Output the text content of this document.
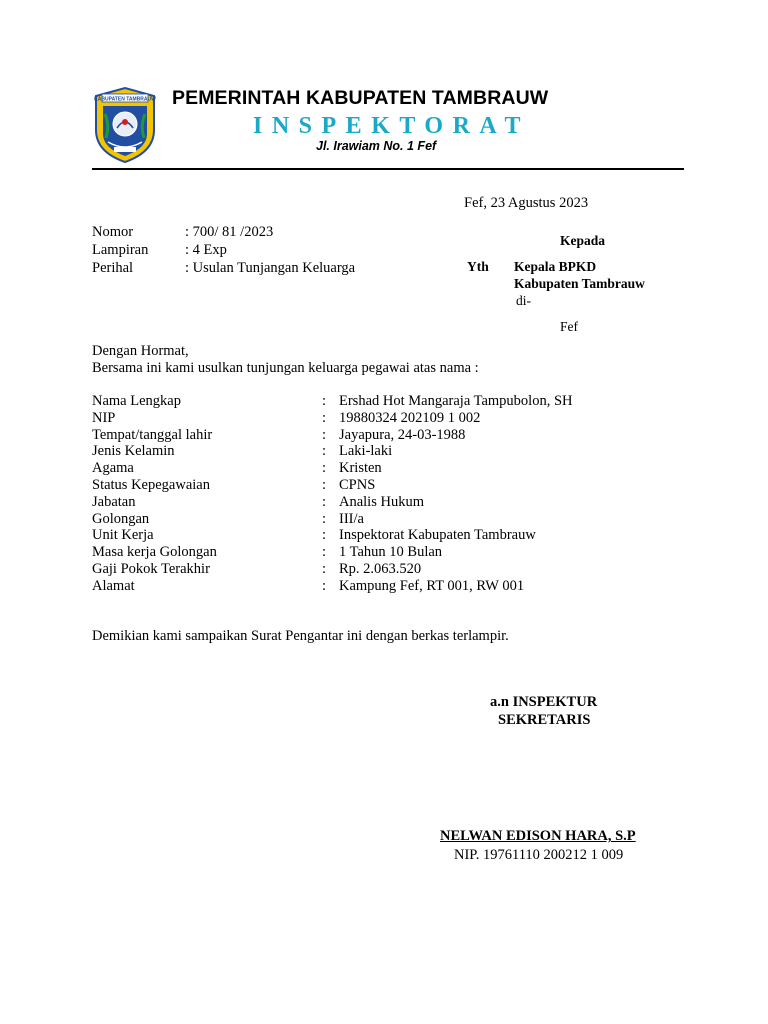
KABUPATEN TAMBRAUW PEMERINTAH KABUPATEN TAMBRAUW
INSPEKTORAT
Jl. Irawiam No. 1 Fef
Fef, 23 Agustus 2023
Nomor	: 700/ 81 /2023
Lampiran	: 4 Exp
Perihal	: Usulan Tunjangan Keluarga
Kepada
Yth Kepala BPKD
Kabupaten Tambrauw
di-
Fef
Dengan Hormat,
Bersama ini kami usulkan tunjungan keluarga pegawai atas nama :
Nama Lengkap	: Ershad Hot Mangaraja Tampubolon, SH
NIP	: 19880324 202109 1 002
Tempat/tanggal lahir	: Jayapura, 24-03-1988
Jenis Kelamin	: Laki-laki
Agama	: Kristen
Status Kepegawaian	: CPNS
Jabatan	: Analis Hukum
Golongan	: III/a
Unit Kerja	: Inspektorat Kabupaten Tambrauw
Masa kerja Golongan	: 1 Tahun 10 Bulan
Gaji Pokok Terakhir	: Rp. 2.063.520
Alamat	: Kampung Fef, RT 001, RW 001
Demikian kami sampaikan Surat Pengantar ini dengan berkas terlampir.
a.n INSPEKTUR
SEKRETARIS
NELWAN EDISON HARA, S.P
NIP. 19761110 200212 1 009
